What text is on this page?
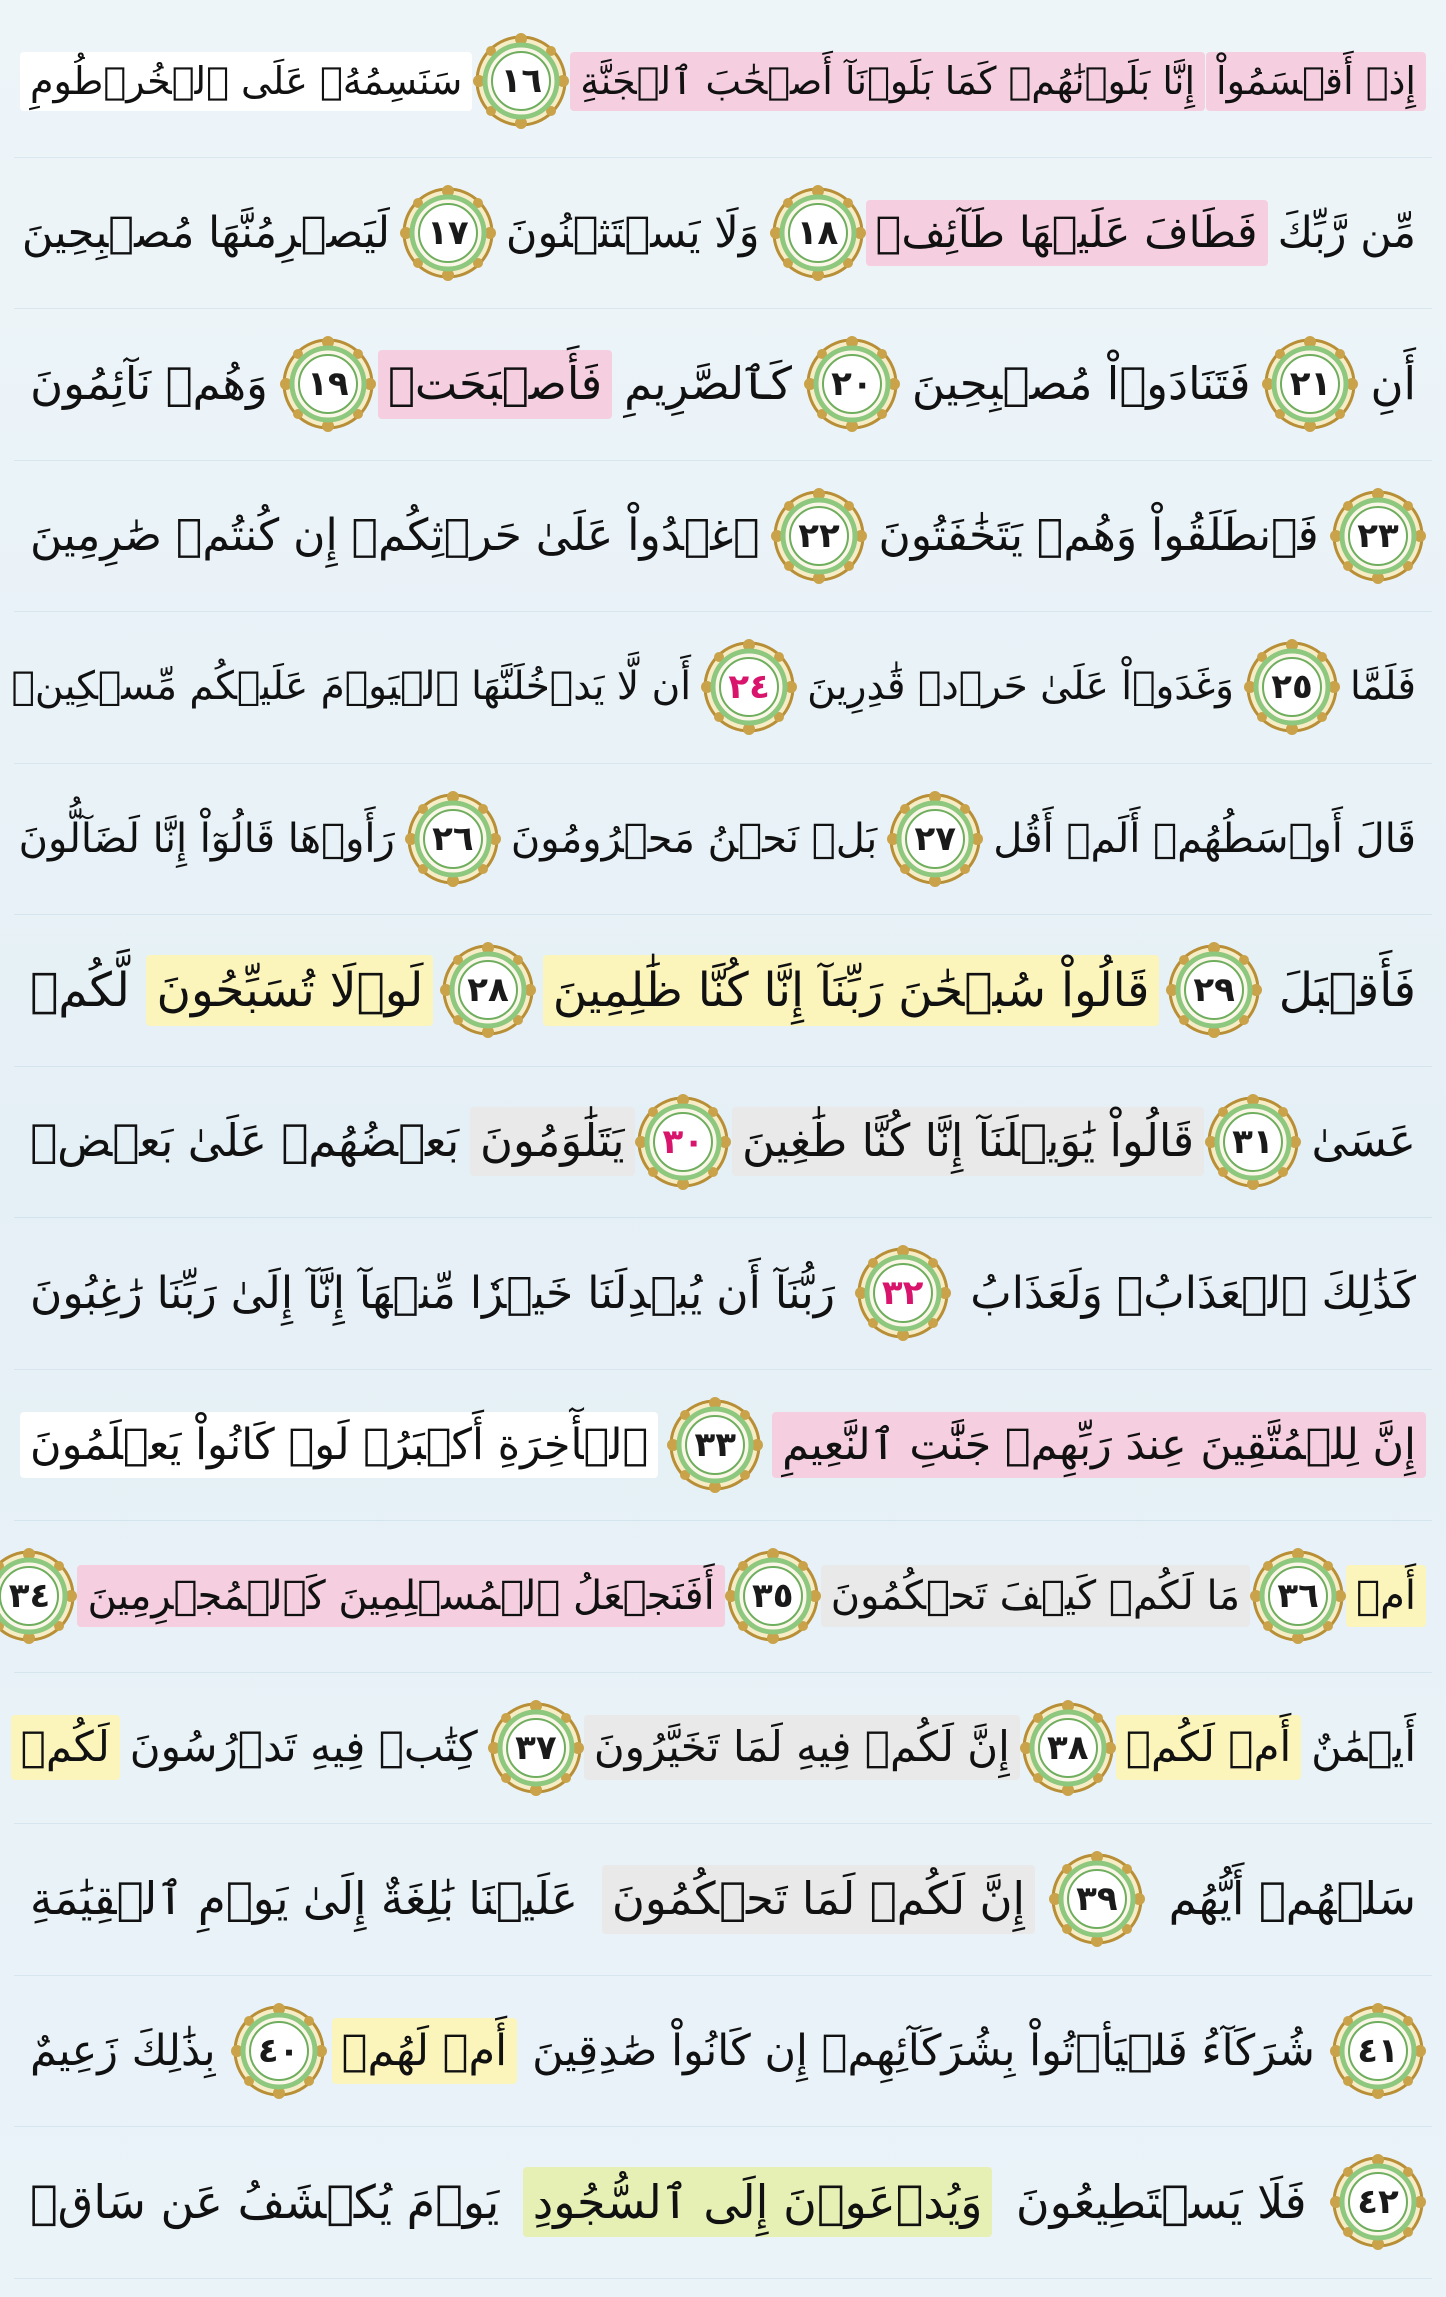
إِذۡ أَقۡسَمُواْ
إِنَّا بَلَوۡنَٰهُمۡ كَمَا بَلَوۡنَآ أَصۡحَٰبَ ٱلۡجَنَّةِ
١٦
سَنَسِمُهُۥ عَلَى ٱلۡخُرۡطُومِ
مِّن رَّبِّكَ
فَطَافَ عَلَيۡهَا طَآئِفٞ
١٨
وَلَا يَسۡتَثۡنُونَ
١٧
لَيَصۡرِمُنَّهَا مُصۡبِحِينَ
أَنِ
٢١
فَتَنَادَوۡاْ مُصۡبِحِينَ
٢٠
كَٱلصَّرِيمِ
فَأَصۡبَحَتۡ
١٩
وَهُمۡ نَآئِمُونَ
٢٣
فَٱنطَلَقُواْ وَهُمۡ يَتَخَٰفَتُونَ
٢٢
ٱغۡدُواْ عَلَىٰ حَرۡثِكُمۡ إِن كُنتُمۡ صَٰرِمِينَ
فَلَمَّا
٢٥
وَغَدَوۡاْ عَلَىٰ حَرۡدٖ قَٰدِرِينَ
٢٤
أَن لَّا يَدۡخُلَنَّهَا ٱلۡيَوۡمَ عَلَيۡكُم مِّسۡكِينٞ
قَالَ أَوۡسَطُهُمۡ أَلَمۡ أَقُل
٢٧
بَلۡ نَحۡنُ مَحۡرُومُونَ
٢٦
رَأَوۡهَا قَالُوٓاْ إِنَّا لَضَآلُّونَ
فَأَقۡبَلَ
٢٩
قَالُواْ سُبۡحَٰنَ رَبِّنَآ إِنَّا كُنَّا ظَٰلِمِينَ
٢٨
لَوۡلَا تُسَبِّحُونَ
لَّكُمۡ
عَسَىٰ
٣١
قَالُواْ يَٰوَيۡلَنَآ إِنَّا كُنَّا طَٰغِينَ
٣٠
يَتَلَٰوَمُونَ
بَعۡضُهُمۡ عَلَىٰ بَعۡضٖ
كَذَٰلِكَ ٱلۡعَذَابُۖ وَلَعَذَابُ
٣٢
رَبُّنَآ أَن يُبۡدِلَنَا خَيۡرٗا مِّنۡهَآ إِنَّآ إِلَىٰ رَبِّنَا رَٰغِبُونَ
إِنَّ لِلۡمُتَّقِينَ عِندَ رَبِّهِمۡ جَنَّٰتِ ٱلنَّعِيمِ
٣٣
ٱلۡأٓخِرَةِ أَكۡبَرُۚ لَوۡ كَانُواْ يَعۡلَمُونَ
أَمۡ
٣٦
مَا لَكُمۡ كَيۡفَ تَحۡكُمُونَ
٣٥
أَفَنَجۡعَلُ ٱلۡمُسۡلِمِينَ كَٱلۡمُجۡرِمِينَ
٣٤
أَيۡمَٰنٌ
أَمۡ لَكُمۡ
٣٨
إِنَّ لَكُمۡ فِيهِ لَمَا تَخَيَّرُونَ
٣٧
كِتَٰبٞ فِيهِ تَدۡرُسُونَ
لَكُمۡ
سَلۡهُمۡ أَيُّهُم
٣٩
إِنَّ لَكُمۡ لَمَا تَحۡكُمُونَ
عَلَيۡنَا بَٰلِغَةٌ إِلَىٰ يَوۡمِ ٱلۡقِيَٰمَةِ
٤١
شُرَكَآءُ فَلۡيَأۡتُواْ بِشُرَكَآئِهِمۡ إِن كَانُواْ صَٰدِقِينَ
أَمۡ لَهُمۡ
٤٠
بِذَٰلِكَ زَعِيمٌ
٤٢
فَلَا يَسۡتَطِيعُونَ
وَيُدۡعَوۡنَ إِلَى ٱلسُّجُودِ
يَوۡمَ يُكۡشَفُ عَن سَاقٖ
